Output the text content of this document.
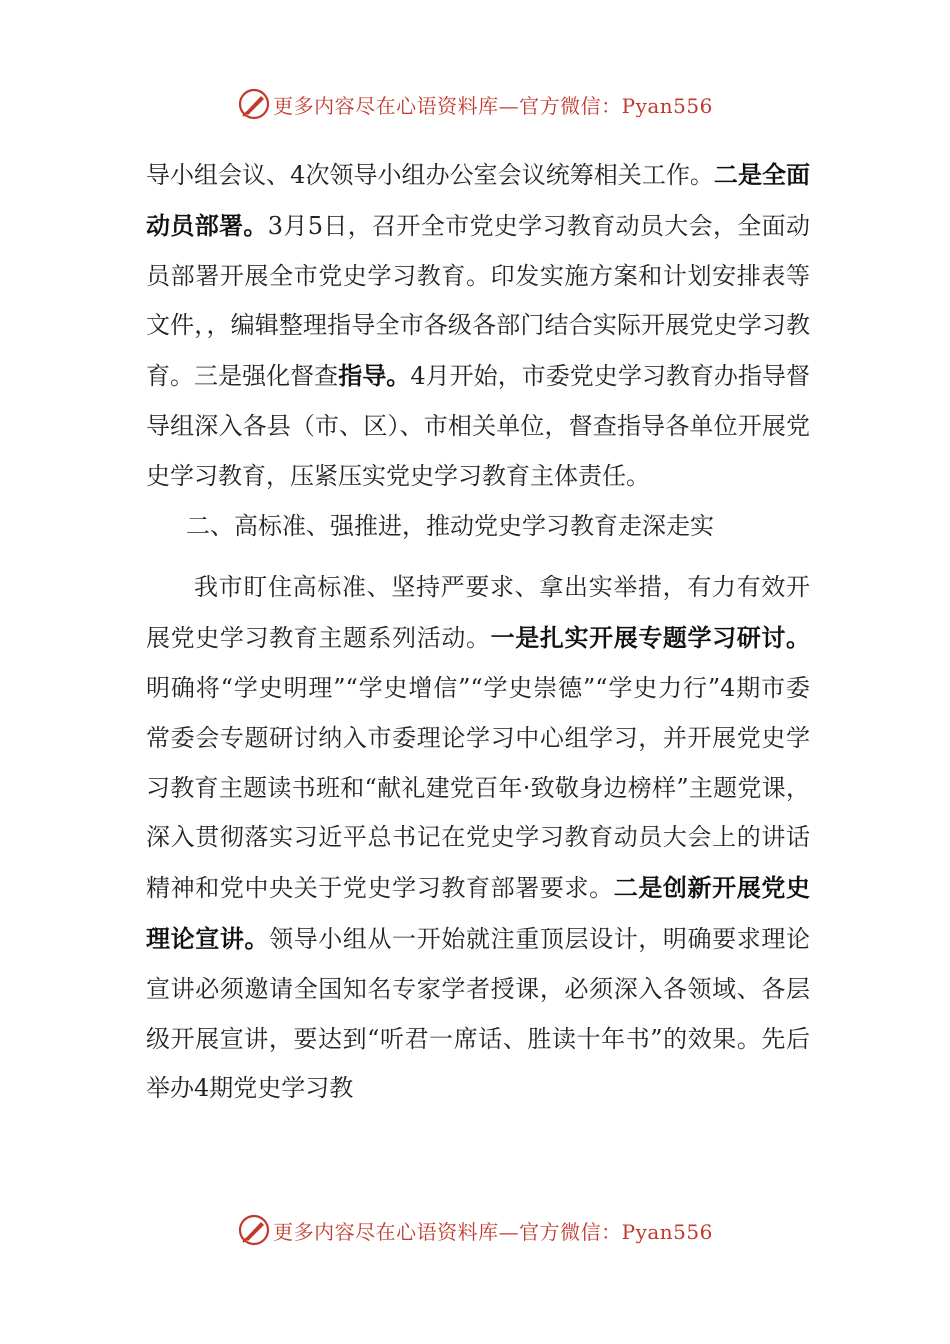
更多内容尽在心语资料库—官方微信：Pyan556

导小组会议、4次领导小组办公室会议统筹相关工作。二是全面动员部署。3月5日，召开全市党史学习教育动员大会，全面动员部署开展全市党史学习教育。印发实施方案和计划安排表等文件，，编辑整理指导全市各级各部门结合实际开展党史学习教育。三是强化督查指导。4月开始，市委党史学习教育办指导督导组深入各县（市、区）、市相关单位，督查指导各单位开展党史学习教育，压紧压实党史学习教育主体责任。

二、高标准、强推进，推动党史学习教育走深走实

我市盯住高标准、坚持严要求、拿出实举措，有力有效开展党史学习教育主题系列活动。一是扎实开展专题学习研讨。明确将“学史明理”“学史增信”“学史崇德”“学史力行”4期市委常委会专题研讨纳入市委理论学习中心组学习，并开展党史学习教育主题读书班和“献礼建党百年·致敬身边榜样”主题党课，深入贯彻落实习近平总书记在党史学习教育动员大会上的讲话精神和党中央关于党史学习教育部署要求。二是创新开展党史理论宣讲。领导小组从一开始就注重顶层设计，明确要求理论宣讲必须邀请全国知名专家学者授课，必须深入各领域、各层级开展宣讲，要达到“听君一席话、胜读十年书”的效果。先后举办4期党史学习教

更多内容尽在心语资料库—官方微信：Pyan556
